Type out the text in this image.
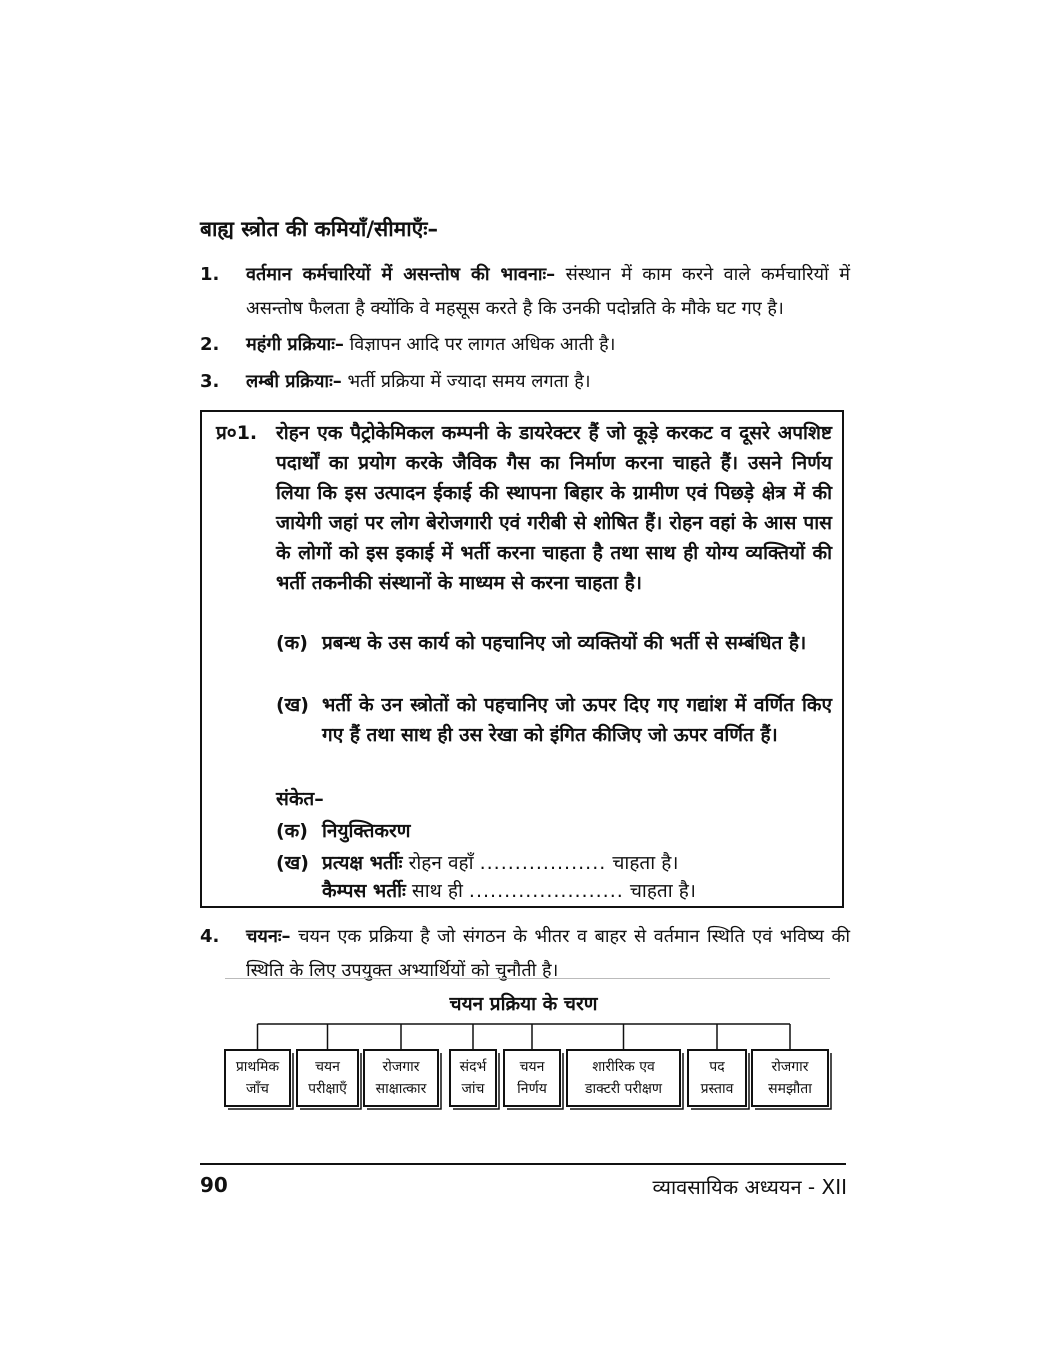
बाह्य स्त्रोत की कमियाँ/सीमाएँः–
1. वर्तमान कर्मचारियों में असन्तोष की भावनाः– संस्थान में काम करने वाले कर्मचारियों में असन्तोष फैलता है क्योंकि वे महसूस करते है कि उनकी पदोन्नति के मौके घट गए है।
2. महंगी प्रक्रियाः– विज्ञापन आदि पर लागत अधिक आती है।
3. लम्बी प्रक्रियाः– भर्ती प्रक्रिया में ज्यादा समय लगता है।
प्र०1. रोहन एक पैट्रोकेमिकल कम्पनी के डायरेक्टर हैं जो कूड़े करकट व दूसरे अपशिष्ट पदार्थों का प्रयोग करके जैविक गैस का निर्माण करना चाहते हैं। उसने निर्णय लिया कि इस उत्पादन ईकाई की स्थापना बिहार के ग्रामीण एवं पिछड़े क्षेत्र में की जायेगी जहां पर लोग बेरोजगारी एवं गरीबी से शोषित हैं। रोहन वहां के आस पास के लोगों को इस इकाई में भर्ती करना चाहता है तथा साथ ही योग्य व्यक्तियों की भर्ती तकनीकी संस्थानों के माध्यम से करना चाहता है।
(क) प्रबन्ध के उस कार्य को पहचानिए जो व्यक्तियों की भर्ती से सम्बंधित है।
(ख) भर्ती के उन स्त्रोतों को पहचानिए जो ऊपर दिए गए गद्यांश में वर्णित किए गए हैं तथा साथ ही उस रेखा को इंगित कीजिए जो ऊपर वर्णित हैं।
संकेत–
(क) नियुक्तिकरण
(ख) प्रत्यक्ष भर्तीः रोहन वहाँ .................. चाहता है।
कैम्पस भर्तीः साथ ही ...................... चाहता है।
4. चयनः– चयन एक प्रक्रिया है जो संगठन के भीतर व बाहर से वर्तमान स्थिति एवं भविष्य की स्थिति के लिए उपयुक्त अभ्यार्थियों को चुनौती है।
चयन प्रक्रिया के चरण
प्राथमिक
जाँच
चयन
परीक्षाएँ
रोजगार
साक्षात्कार
संदर्भ
जांच
चयन
निर्णय
शारीरिक एव
डाक्टरी परीक्षण
पद
प्रस्ताव
रोजगार
समझौता
90	व्यावसायिक अध्ययन - XII
